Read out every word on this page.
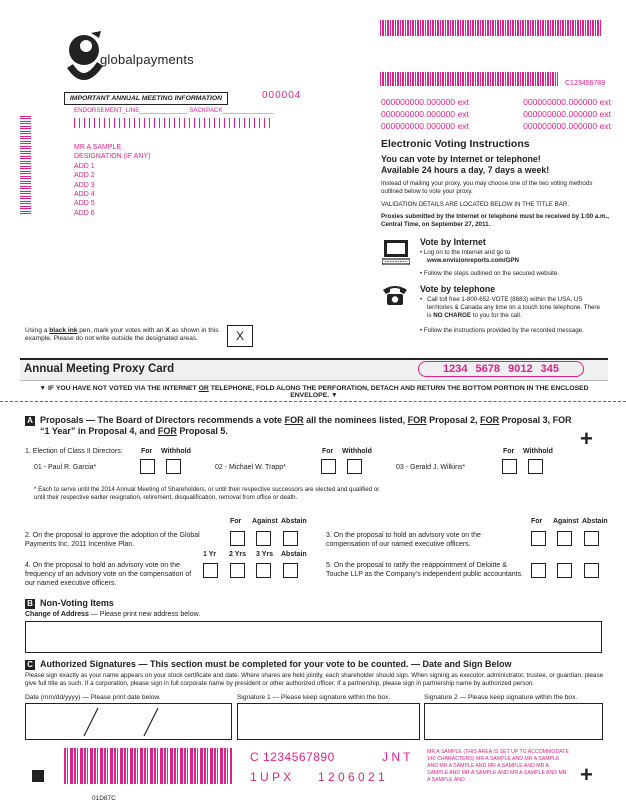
C123456789
globalpayments
IMPORTANT ANNUAL MEETING INFORMATION	000004
ENDORSEMENT_LINE______________ SACKPACK_______________
MR A SAMPLE
DESIGNATION (IF ANY)
ADD 1
ADD 2
ADD 3
ADD 4
ADD 5
ADD 6
000000000.000000 ext	000000000.000000 ext
000000000.000000 ext	000000000.000000 ext
000000000.000000 ext	000000000.000000 ext
Electronic Voting Instructions
You can vote by Internet or telephone!
Available 24 hours a day, 7 days a week!
Instead of mailing your proxy, you may choose one of the two voting methods outlined below to vote your proxy.
VALIDATION DETAILS ARE LOCATED BELOW IN THE TITLE BAR.
Proxies submitted by the Internet or telephone must be received by 1:00 a.m., Central Time, on September 27, 2011.
Vote by Internet
• Log on to the Internet and go to
www.envisionreports.com/GPN
• Follow the steps outlined on the secured website.
Vote by telephone
• Call toll free 1-800-652-VOTE (8683) within the USA, US territories & Canada any time on a touch tone telephone. There is NO CHARGE to you for the call.
• Follow the instructions provided by the recorded message.
Using a black ink pen, mark your votes with an X as shown in this example. Please do not write outside the designated areas.	X
Annual Meeting Proxy Card	1234 5678 9012 345
▼ IF YOU HAVE NOT VOTED VIA THE INTERNET OR TELEPHONE, FOLD ALONG THE PERFORATION, DETACH AND RETURN THE BOTTOM PORTION IN THE ENCLOSED ENVELOPE. ▼
A Proposals — The Board of Directors recommends a vote FOR all the nominees listed, FOR Proposal 2, FOR Proposal 3, FOR
“1 Year” in Proposal 4, and FOR Proposal 5.	+
1. Election of Class II Directors:	For Withhold	For Withhold	For Withhold
01 - Paul R. Garcia*	02 - Michael W. Trapp*	03 - Gerald J. Wilkins*
* Each to serve until the 2014 Annual Meeting of Shareholders, or until their respective successors are elected and qualified or until their respective earlier resignation, retirement, disqualification, removal from office or death.
For Against Abstain
2. On the proposal to approve the adoption of the Global Payments Inc. 2011 Incentive Plan.
For Against Abstain
3. On the proposal to hold an advisory vote on the compensation of our named executive officers.
1 Yr 2 Yrs 3 Yrs Abstain
4. On the proposal to hold an advisory vote on the frequency of an advisory vote on the compensation of our named executive officers.
5. On the proposal to ratify the reappointment of Deloitte & Touche LLP as the Company’s independent public accountants.
B Non-Voting Items
Change of Address — Please print new address below.
C Authorized Signatures — This section must be completed for your vote to be counted. — Date and Sign Below
Please sign exactly as your name appears on your stock certificate and date. Where shares are held jointly, each shareholder should sign. When signing as executor, administrator, trustee, or guardian, please give full title as such. If a corporation, please sign in full corporate name by president or other authorized officer. If a partnership, please sign in partnership name by authorized person.
Date (mm/dd/yyyy) — Please print date below.	Signature 1 — Please keep signature within the box.	Signature 2 — Please keep signature within the box.
C 1234567890	J N T
1 U P X 1 2 0 6 0 2 1
MR A SAMPLE (THIS AREA IS SET UP TO ACCOMMODATE 140 CHARACTERS) MR A SAMPLE AND MR A SAMPLE AND MR A SAMPLE AND MR A SAMPLE AND MR A SAMPLE AND MR A SAMPLE AND MR A SAMPLE AND MR A SAMPLE AND	+
01D87C
